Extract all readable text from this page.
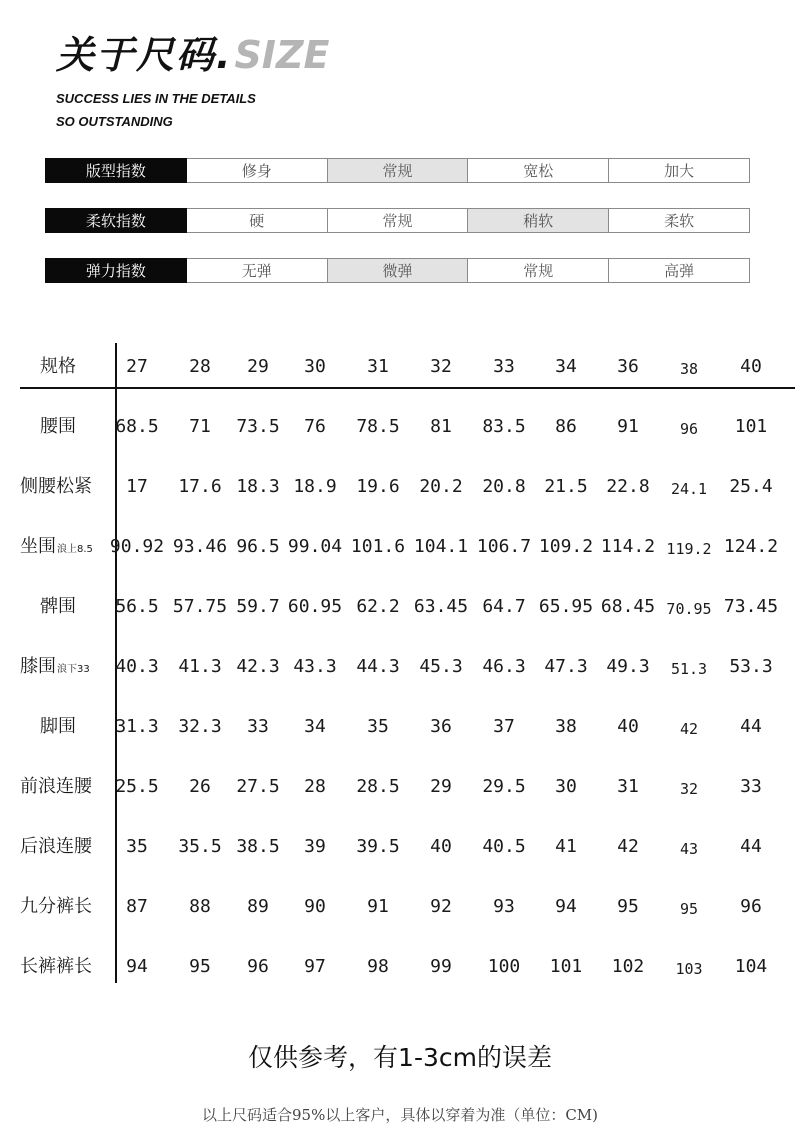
关于尺码. SIZE
SUCCESS LIES IN THE DETAILS
SO OUTSTANDING
版型指数	修身	常规	宽松	加大
柔软指数	硬	常规	稍软	柔软
弹力指数	无弹	微弹	常规	高弹
规格	27 28 29 30 31 32 33 34 36	38 40
腰围 68.5 71 73.5 76 78.5 81 83.5 86 91	96 101
侧腰松紧 17 17.6 18.3 18.9 19.6 20.2 20.8 21.5 22.8 24.1 25.4
坐围浪上8.5 90.92 93.46 96.5 99.04 101.6 104.1 106.7 109.2 114.2 119.2 124.2
髀围 56.5 57.75 59.7 60.95 62.2 63.45 64.7 65.95 68.45 70.95 73.45
膝围浪下33 40.3 41.3 42.3 43.3 44.3 45.3 46.3 47.3 49.3 51.3 53.3
脚围 31.3 32.3 33 34 35 36 37 38 40	42 44
前浪连腰 25.5 26 27.5 28 28.5 29 29.5 30 31	32 33
后浪连腰 35 35.5 38.5 39 39.5 40 40.5 41 42	43 44
九分裤长 87 88 89 90 91 92 93 94 95	95 96
长裤裤长 94 95 96 97 98 99 100 101 102 103 104
仅供参考，有1-3cm的误差
以上尺码适合95%以上客户，具体以穿着为准（单位：CM)
